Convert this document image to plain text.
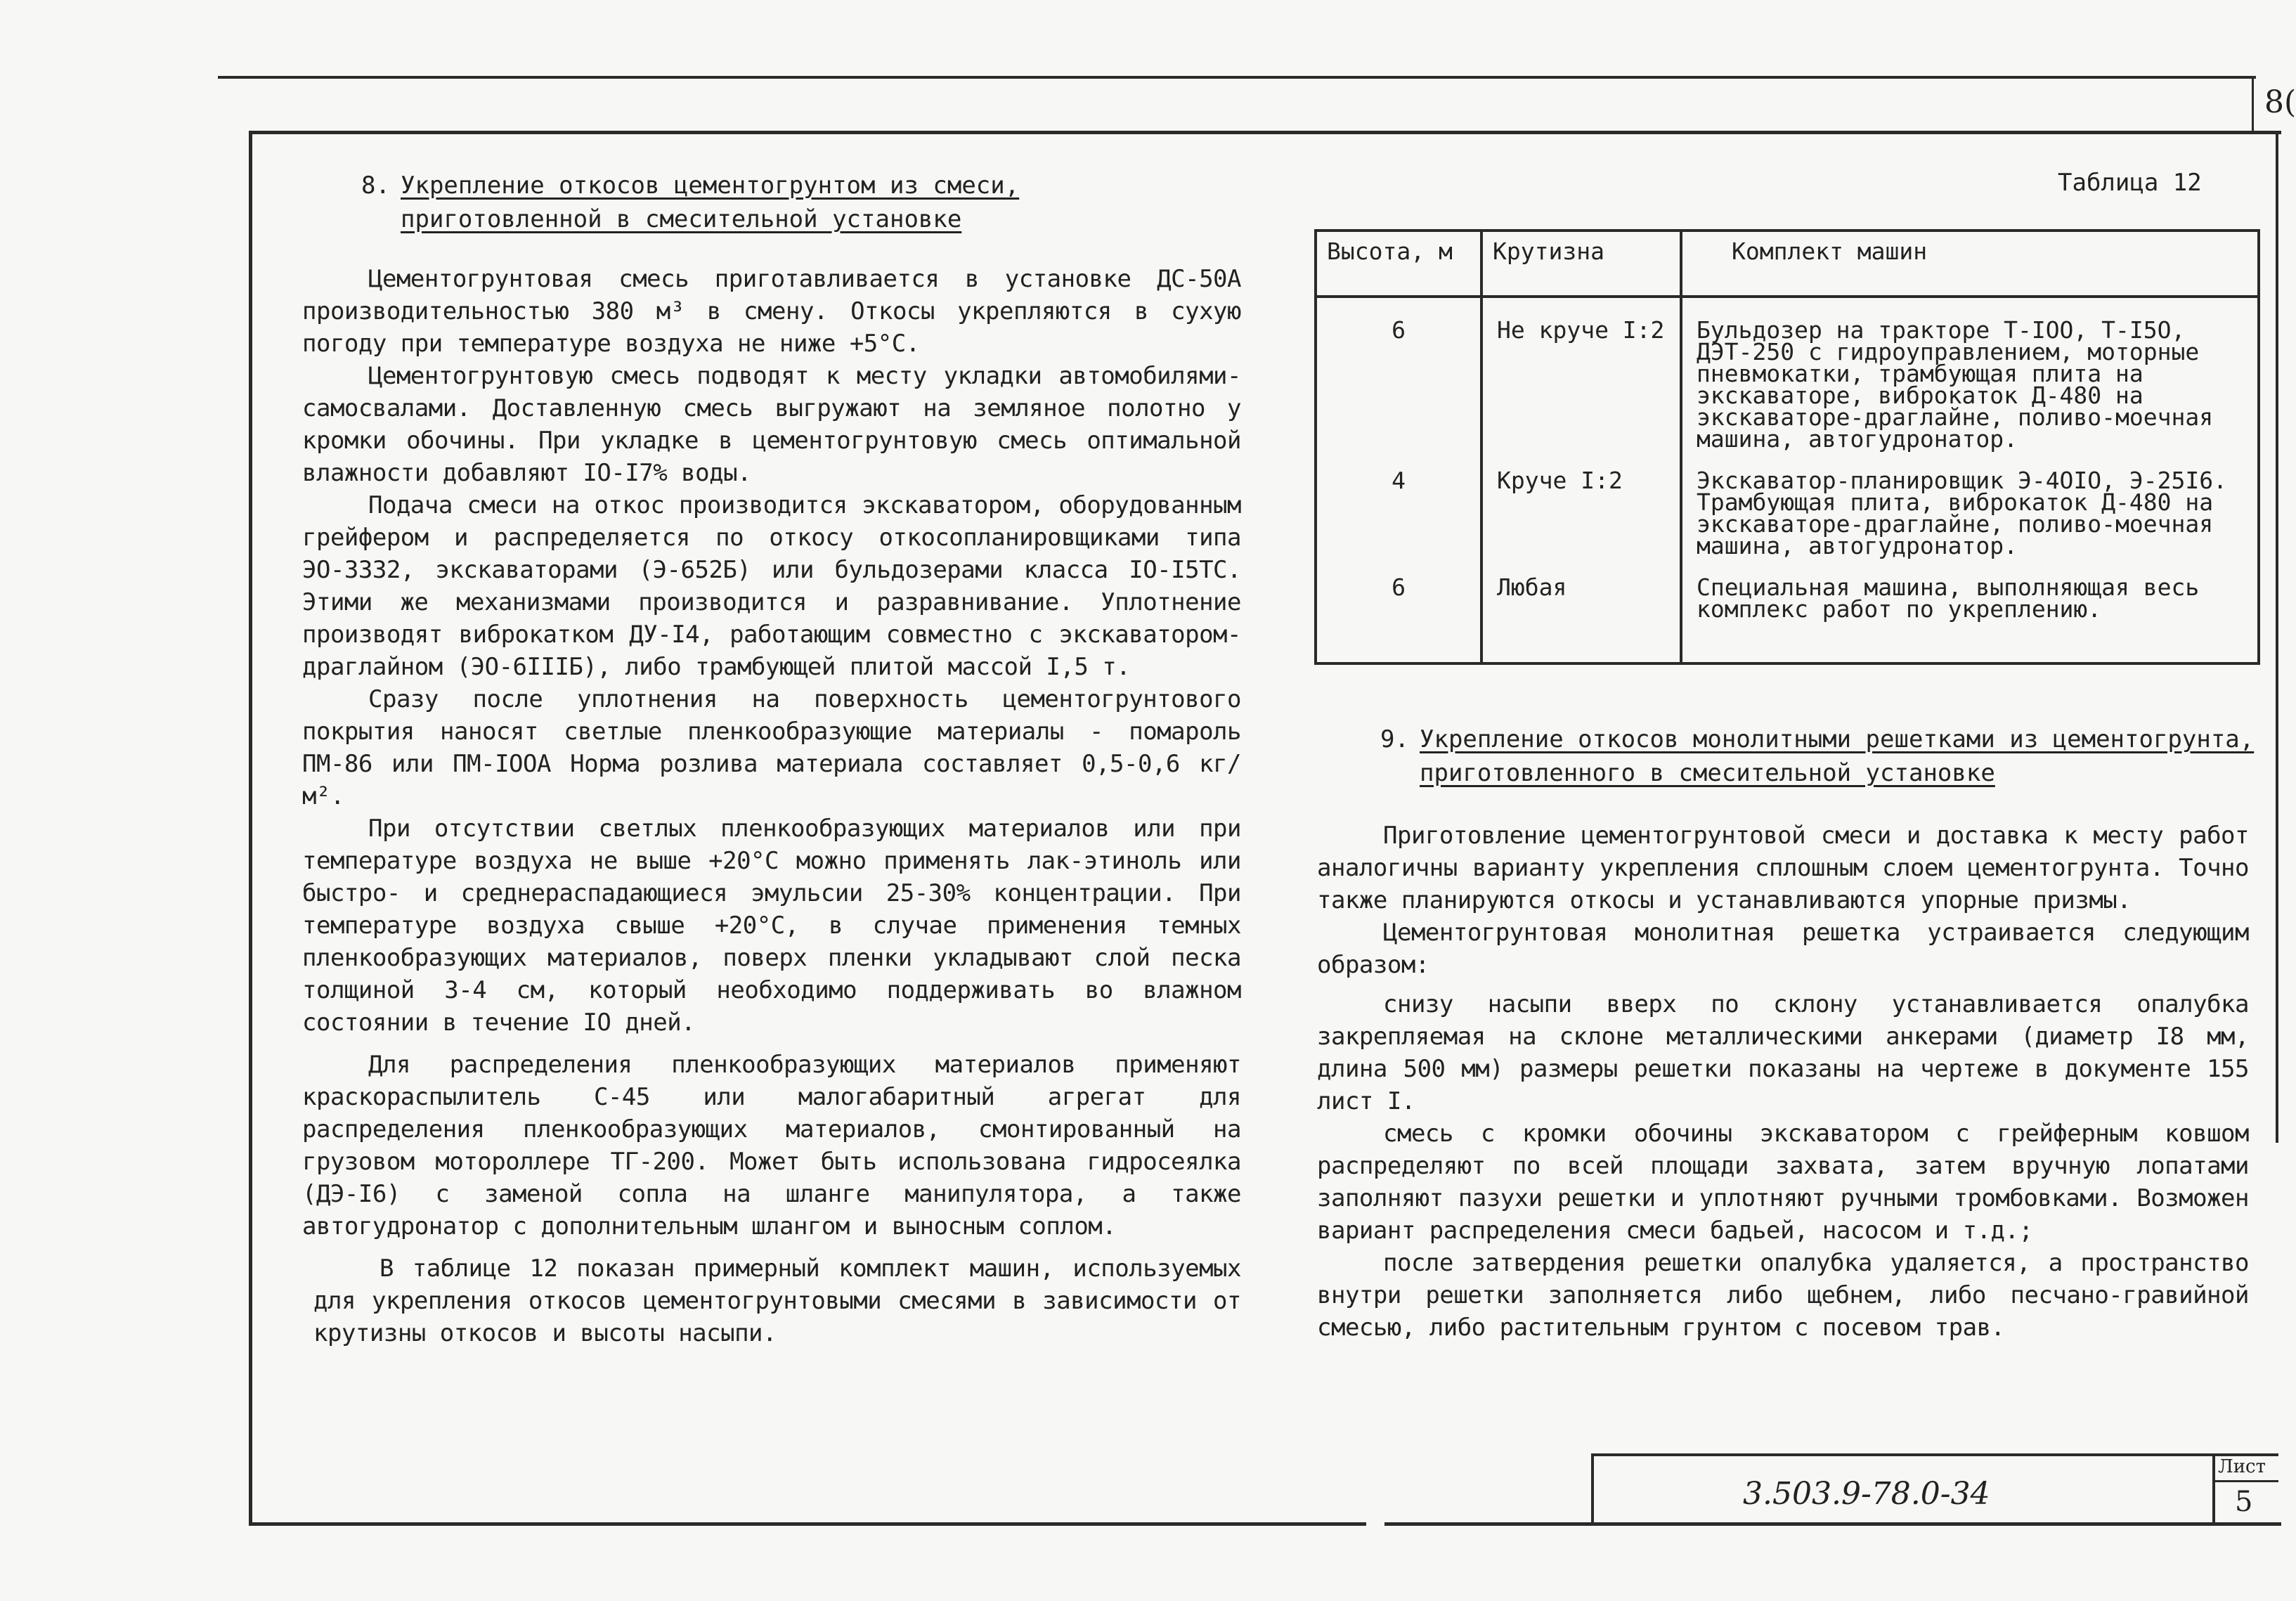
8(
8. Укрепление откосов цементогрунтом из смеси,
приготовленной в смесительной установке

Цементогрунтовая смесь приготавливается в установке ДС-50А производительностью 380 м³ в смену. Откосы укрепляются в сухую погоду при температуре воздуха не ниже +5°С.

Цементогрунтовую смесь подводят к месту укладки автомобилями-самосвалами. Доставленную смесь выгружают на земляное полотно у кромки обочины. При укладке в цементогрунтовую смесь оптимальной влажности добавляют IO-I7% воды.

Подача смеси на откос производится экскаватором, оборудованным грейфером и распределяется по откосу откосопланировщиками типа ЭО-3332, экскаваторами (Э-652Б) или бульдозерами класса IO-I5TC. Этими же механизмами производится и разравнивание. Уплотнение производят виброкатком ДУ-I4, работающим совместно с экскаватором-драглайном (ЭО-6IIIБ), либо трамбующей плитой массой I,5 т.

Сразу после уплотнения на поверхность цементогрунтового покрытия наносят светлые пленкообразующие материалы - помароль ПМ-86 или ПМ-IOOA Норма розлива материала составляет 0,5-0,6 кг/м².

При отсутствии светлых пленкообразующих материалов или при температуре воздуха не выше +20°С можно применять лак-этиноль или быстро- и среднераспадающиеся эмульсии 25-30% концентрации. При температуре воздуха свыше +20°С, в случае применения темных пленкообразующих материалов, поверх пленки укладывают слой песка толщиной 3-4 см, который необходимо поддерживать во влажном состоянии в течение IO дней.

Для распределения пленкообразующих материалов применяют краскораспылитель С-45 или малогабаритный агрегат для распределения пленкообразующих материалов, смонтированный на грузовом мотороллере ТГ-200. Может быть использована гидросеялка (ДЭ-I6) с заменой сопла на шланге манипулятора, а также автогудронатор с дополнительным шлангом и выносным соплом.

В таблице 12 показан примерный комплект машин, используемых для укрепления откосов цементогрунтовыми смесями в зависимости от крутизны откосов и высоты насыпи.

Таблица 12
Высота, м	Крутизна	Комплект машин
6	Не круче I:2	Бульдозер на тракторе Т-IOO, Т-I5O, ДЭТ-250 с гидроуправлением, моторные пневмокатки, трамбующая плита на экскаваторе, виброкаток Д-480 на экскаваторе-драглайне, поливо-моечная машина, автогудронатор.
4	Круче I:2	Экскаватор-планировщик Э-4OIO, Э-25I6. Трамбующая плита, виброкаток Д-480 на экскаваторе-драглайне, поливо-моечная машина, автогудронатор.
6	Любая	Специальная машина, выполняющая весь комплекс работ по укреплению.
9. Укрепление откосов монолитными решетками из цементогрунта,
приготовленного в смесительной установке

Приготовление цементогрунтовой смеси и доставка к месту работ аналогичны варианту укрепления сплошным слоем цементогрунта. Точно также планируются откосы и устанавливаются упорные призмы.

Цементогрунтовая монолитная решетка устраивается следующим образом:

снизу насыпи вверх по склону устанавливается опалубка закрепляемая на склоне металлическими анкерами (диаметр I8 мм, длина 500 мм) размеры решетки показаны на чертеже в документе 155 лист I.

смесь с кромки обочины экскаватором с грейферным ковшом распределяют по всей площади захвата, затем вручную лопатами заполняют пазухи решетки и уплотняют ручными тромбовками. Возможен вариант распределения смеси бадьей, насосом и т.д.;

после затвердения решетки опалубка удаляется, а пространство внутри решетки заполняется либо щебнем, либо песчано-гравийной смесью, либо растительным грунтом с посевом трав.

3.503.9-78.0-34
Лист
5
